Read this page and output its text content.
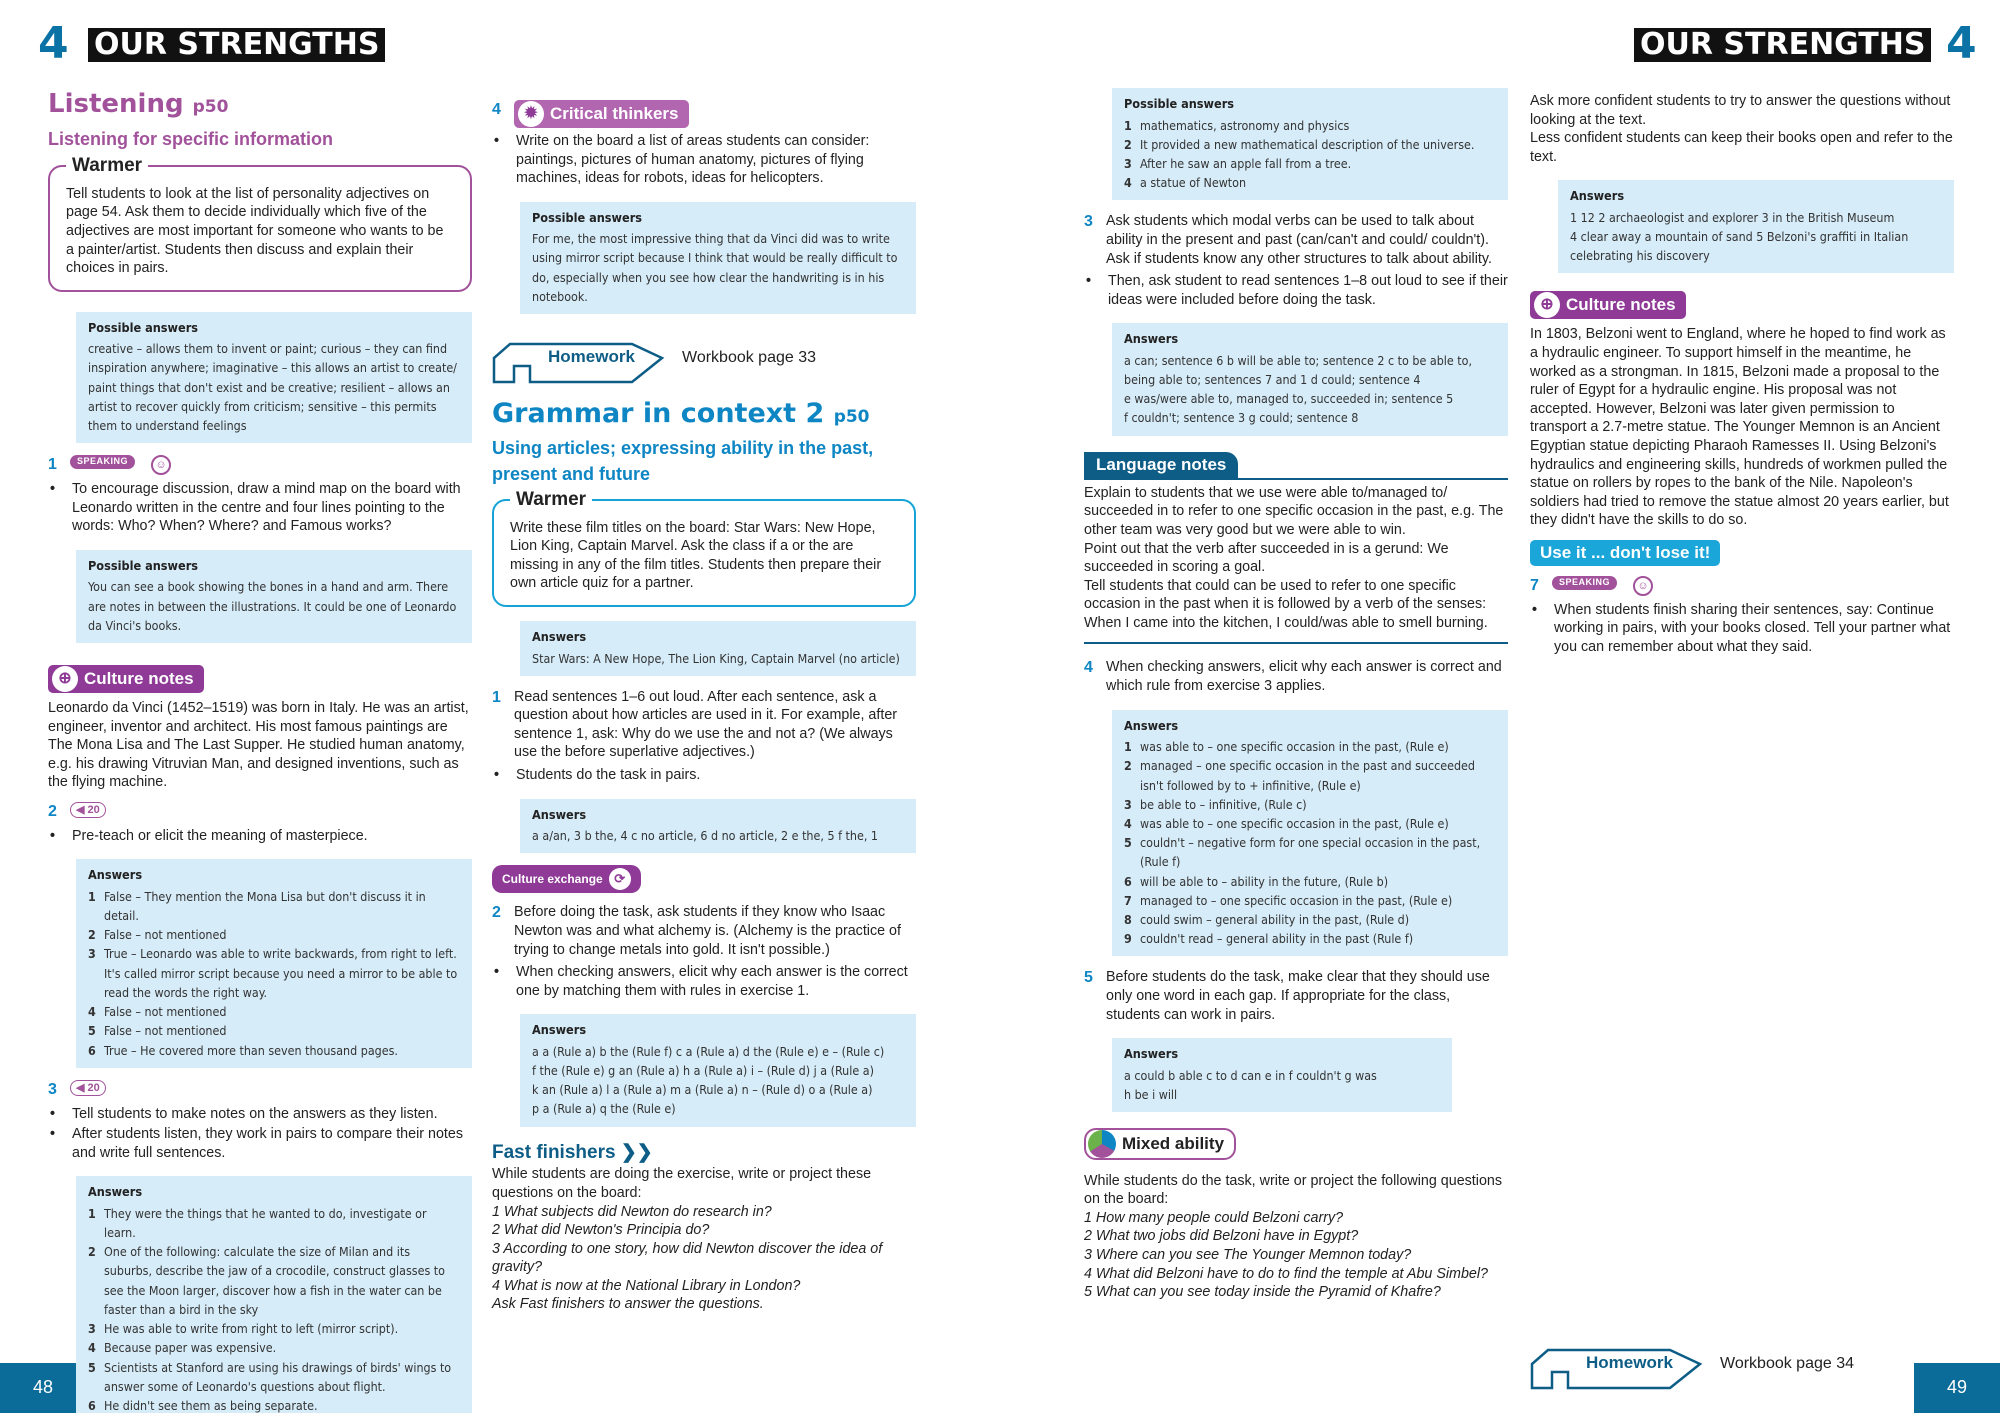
4 OUR STRENGTHS	OUR STRENGTHS 4
48	49
Listening p50
Listening for specific information
Warmer

Tell students to look at the list of personality adjectives on page 54. Ask them to decide individually which five of the adjectives are most important for someone who wants to be a painter/artist. Students then discuss and explain their choices in pairs.

Possible answers

creative – allows them to invent or paint; curious – they can find inspiration anywhere; imaginative – this allows an artist to create/ paint things that don't exist and be creative; resilient – allows an artist to recover quickly from criticism; sensitive – this permits them to understand feelings

1	SPEAKING	☺
• To encourage discussion, draw a mind map on the board with Leonardo written in the centre and four lines pointing to the words: Who? When? Where? and Famous works?
Possible answers

You can see a book showing the bones in a hand and arm. There are notes in between the illustrations. It could be one of Leonardo da Vinci's books.

⊕ Culture notes

Leonardo da Vinci (1452–1519) was born in Italy. He was an artist, engineer, inventor and architect. His most famous paintings are The Mona Lisa and The Last Supper. He studied human anatomy, e.g. his drawing Vitruvian Man, and designed inventions, such as the flying machine.

2	◀ 20
• Pre-teach or elicit the meaning of masterpiece.
Answers
1 False – They mention the Mona Lisa but don't discuss it in detail.
2 False – not mentioned
3 True – Leonardo was able to write backwards, from right to left. It's called mirror script because you need a mirror to be able to read the words the right way.
4 False – not mentioned
5 False – not mentioned
6 True – He covered more than seven thousand pages.
3	◀ 20
• Tell students to make notes on the answers as they listen.
• After students listen, they work in pairs to compare their notes and write full sentences.
Answers
1 They were the things that he wanted to do, investigate or learn.
2 One of the following: calculate the size of Milan and its suburbs, describe the jaw of a crocodile, construct glasses to see the Moon larger, discover how a fish in the water can be faster than a bird in the sky
3 He was able to write from right to left (mirror script).
4 Because paper was expensive.
5 Scientists at Stanford are using his drawings of birds' wings to answer some of Leonardo's questions about flight.
6 He didn't see them as being separate.
4	✹ Critical thinkers
• Write on the board a list of areas students can consider: paintings, pictures of human anatomy, pictures of flying machines, ideas for robots, ideas for helicopters.
Possible answers

For me, the most impressive thing that da Vinci did was to write using mirror script because I think that would be really difficult to do, especially when you see how clear the handwriting is in his notebook.

Homework	Workbook page 33
Grammar in context 2 p50
Using articles; expressing ability in the past, present and future
Warmer

Write these film titles on the board: Star Wars: New Hope, Lion King, Captain Marvel. Ask the class if a or the are missing in any of the film titles. Students then prepare their own article quiz for a partner.

Answers

Star Wars: A New Hope, The Lion King, Captain Marvel (no article)

1 Read sentences 1–6 out loud. After each sentence, ask a question about how articles are used in it. For example, after sentence 1, ask: Why do we use the and not a? (We always use the before superlative adjectives.)

• Students do the task in pairs.
Answers

a a/an, 3 b the, 4 c no article, 6 d no article, 2 e the, 5 f the, 1

Culture exchange ⟳
2 Before doing the task, ask students if they know who Isaac Newton was and what alchemy is. (Alchemy is the practice of trying to change metals into gold. It isn't possible.)

• When checking answers, elicit why each answer is the correct one by matching them with rules in exercise 1.
Answers

a a (Rule a) b the (Rule f) c a (Rule a) d the (Rule e) e – (Rule c)

f the (Rule e) g an (Rule a) h a (Rule a) i – (Rule d) j a (Rule a)

k an (Rule a) l a (Rule a) m a (Rule a) n – (Rule d) o a (Rule a)

p a (Rule a) q the (Rule e)

Fast finishers ❯❯

While students are doing the exercise, write or project these questions on the board:

1 What subjects did Newton do research in?

2 What did Newton's Principia do?

3 According to one story, how did Newton discover the idea of gravity?

4 What is now at the National Library in London?

Ask Fast finishers to answer the questions.

Possible answers
1 mathematics, astronomy and physics
2 It provided a new mathematical description of the universe.
3 After he saw an apple fall from a tree.
4 a statue of Newton
3 Ask students which modal verbs can be used to talk about ability in the present and past (can/can't and could/ couldn't). Ask if students know any other structures to talk about ability.

• Then, ask student to read sentences 1–8 out loud to see if their ideas were included before doing the task.
Answers

a can; sentence 6 b will be able to; sentence 2 c to be able to,

being able to; sentences 7 and 1 d could; sentence 4

e was/were able to, managed to, succeeded in; sentence 5

f couldn't; sentence 3 g could; sentence 8

Language notes

Explain to students that we use were able to/managed to/ succeeded in to refer to one specific occasion in the past, e.g. The other team was very good but we were able to win.

Point out that the verb after succeeded in is a gerund: We succeeded in scoring a goal.

Tell students that could can be used to refer to one specific occasion in the past when it is followed by a verb of the senses: When I came into the kitchen, I could/was able to smell burning.

4 When checking answers, elicit why each answer is correct and which rule from exercise 3 applies.

Answers
1 was able to – one specific occasion in the past, (Rule e)
2 managed – one specific occasion in the past and succeeded isn't followed by to + infinitive, (Rule e)
3 be able to – infinitive, (Rule c)
4 was able to – one specific occasion in the past, (Rule e)
5 couldn't – negative form for one special occasion in the past, (Rule f)
6 will be able to – ability in the future, (Rule b)
7 managed to – one specific occasion in the past, (Rule e)
8 could swim – general ability in the past, (Rule d)
9 couldn't read – general ability in the past (Rule f)
5 Before students do the task, make clear that they should use only one word in each gap. If appropriate for the class, students can work in pairs.

Answers

a could b able c to d can e in f couldn't g was

h be i will

Mixed ability

While students do the task, write or project the following questions on the board:

1 How many people could Belzoni carry?

2 What two jobs did Belzoni have in Egypt?

3 Where can you see The Younger Memnon today?

4 What did Belzoni have to do to find the temple at Abu Simbel?

5 What can you see today inside the Pyramid of Khafre?

Ask more confident students to try to answer the questions without looking at the text.

Less confident students can keep their books open and refer to the text.

Answers

1 12 2 archaeologist and explorer 3 in the British Museum

4 clear away a mountain of sand 5 Belzoni's graffiti in Italian celebrating his discovery

⊕ Culture notes

In 1803, Belzoni went to England, where he hoped to find work as a hydraulic engineer. To support himself in the meantime, he worked as a strongman. In 1815, Belzoni made a proposal to the ruler of Egypt for a hydraulic engine. His proposal was not accepted. However, Belzoni was later given permission to transport a 2.7-metre statue. The Younger Memnon is an Ancient Egyptian statue depicting Pharaoh Ramesses II. Using Belzoni's hydraulics and engineering skills, hundreds of workmen pulled the statue on rollers by ropes to the bank of the Nile. Napoleon's soldiers had tried to remove the statue almost 20 years earlier, but they didn't have the skills to do so.

Use it ... don't lose it!
7	SPEAKING	☺
• When students finish sharing their sentences, say: Continue working in pairs, with your books closed. Tell your partner what you can remember about what they said.
Homework	Workbook page 34
